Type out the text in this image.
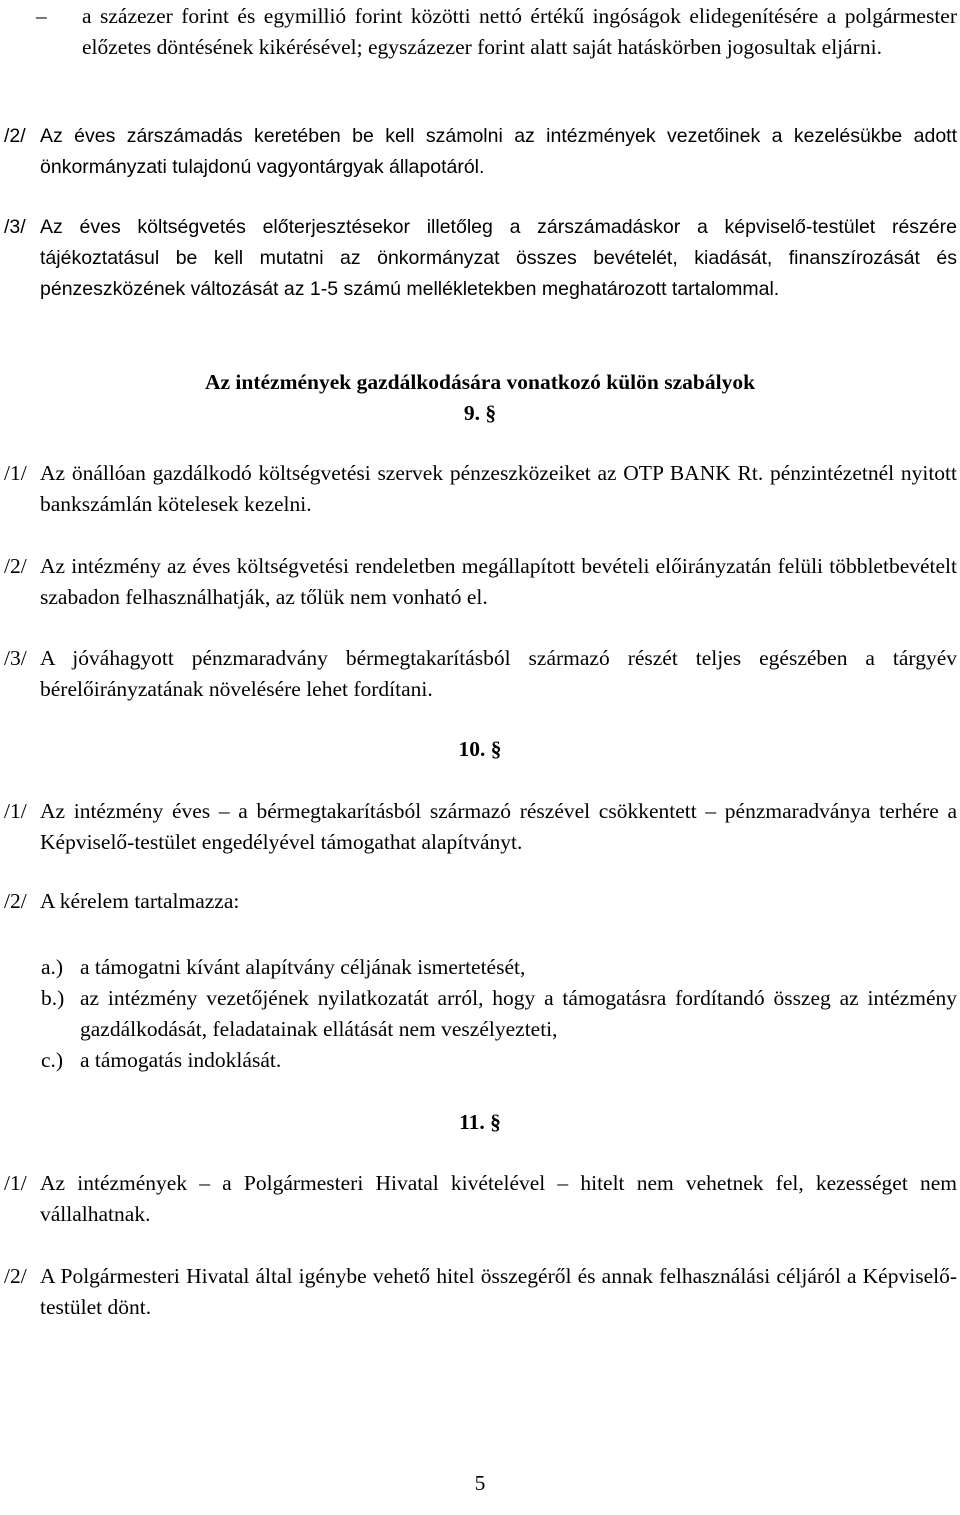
–	a százezer forint és egymillió forint közötti nettó értékű ingóságok elidegenítésére a polgármester előzetes döntésének kikérésével; egyszázezer forint alatt saját hatáskörben jogosultak eljárni.
/2/ Az éves zárszámadás keretében be kell számolni az intézmények vezetőinek a kezelésükbe adott önkormányzati tulajdonú vagyontárgyak állapotáról.
/3/ Az éves költségvetés előterjesztésekor illetőleg a zárszámadáskor a képviselő-testület részére tájékoztatásul be kell mutatni az önkormányzat összes bevételét, kiadását, finanszírozását és pénzeszközének változását az 1-5 számú mellékletekben meghatározott tartalommal.
Az intézmények gazdálkodására vonatkozó külön szabályok
9. §
/1/ Az önállóan gazdálkodó költségvetési szervek pénzeszközeiket az OTP BANK Rt. pénzintézetnél nyitott bankszámlán kötelesek kezelni.
/2/ Az intézmény az éves költségvetési rendeletben megállapított bevételi előirányzatán felüli többletbevételt szabadon felhasználhatják, az tőlük nem vonható el.
/3/ A jóváhagyott pénzmaradvány bérmegtakarításból származó részét teljes egészében a tárgyév bérelőirányzatának növelésére lehet fordítani.
10. §
/1/ Az intézmény éves – a bérmegtakarításból származó részével csökkentett – pénzmaradványa terhére a Képviselő-testület engedélyével támogathat alapítványt.
/2/ A kérelem tartalmazza:
a.) a támogatni kívánt alapítvány céljának ismertetését,
b.) az intézmény vezetőjének nyilatkozatát arról, hogy a támogatásra fordítandó összeg az intézmény gazdálkodását, feladatainak ellátását nem veszélyezteti,
c.) a támogatás indoklását.
11. §
/1/ Az intézmények – a Polgármesteri Hivatal kivételével – hitelt nem vehetnek fel, kezességet nem vállalhatnak.
/2/ A Polgármesteri Hivatal által igénybe vehető hitel összegéről és annak felhasználási céljáról a Képviselő-testület dönt.
5
